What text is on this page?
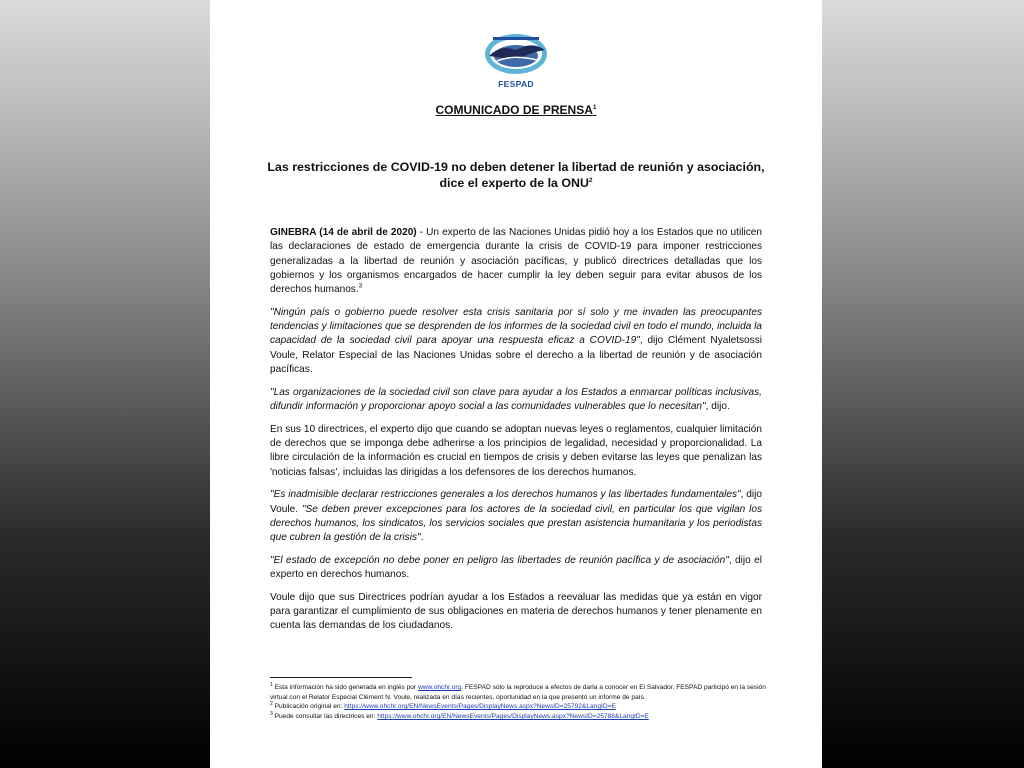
FESPAD
COMUNICADO DE PRENSA$^1$
Las restricciones de COVID-19 no deben detener la libertad de reunión y asociación,
dice el experto de la ONU$^2$

GINEBRA (14 de abril de 2020) - Un experto de las Naciones Unidas pidió hoy a los Estados que no utilicen las declaraciones de estado de emergencia durante la crisis de COVID-19 para imponer restricciones generalizadas a la libertad de reunión y asociación pacíficas, y publicó directrices detalladas que los gobiernos y los organismos encargados de hacer cumplir la ley deben seguir para evitar abusos de los derechos humanos.$^3$

"Ningún país o gobierno puede resolver esta crisis sanitaria por sí solo y me invaden las preocupantes tendencias y limitaciones que se desprenden de los informes de la sociedad civil en todo el mundo, incluida la capacidad de la sociedad civil para apoyar una respuesta eficaz a COVID-19", dijo Clément Nyaletsossi Voule, Relator Especial de las Naciones Unidas sobre el derecho a la libertad de reunión y de asociación pacíficas.

"Las organizaciones de la sociedad civil son clave para ayudar a los Estados a enmarcar políticas inclusivas, difundir información y proporcionar apoyo social a las comunidades vulnerables que lo necesitan", dijo.

En sus 10 directrices, el experto dijo que cuando se adoptan nuevas leyes o reglamentos, cualquier limitación de derechos que se imponga debe adherirse a los principios de legalidad, necesidad y proporcionalidad. La libre circulación de la información es crucial en tiempos de crisis y deben evitarse las leyes que penalizan las 'noticias falsas', incluidas las dirigidas a los defensores de los derechos humanos.

"Es inadmisible declarar restricciones generales a los derechos humanos y las libertades fundamentales", dijo Voule. "Se deben prever excepciones para los actores de la sociedad civil, en particular los que vigilan los derechos humanos, los sindicatos, los servicios sociales que prestan asistencia humanitaria y los periodistas que cubren la gestión de la crisis".

"El estado de excepción no debe poner en peligro las libertades de reunión pacífica y de asociación", dijo el experto en derechos humanos.

Voule dijo que sus Directrices podrían ayudar a los Estados a reevaluar las medidas que ya están en vigor para garantizar el cumplimiento de sus obligaciones en materia de derechos humanos y tener plenamente en cuenta las demandas de los ciudadanos.

$^1$ Esta información ha sido generada en inglés por www.ohchr.org. FESPAD sólo la reproduce a efectos de darla a conocer en El Salvador. FESPAD participó en la sesión virtual con el Relator Especial Clément N. Voule, realizada en días recientes, oportunidad en la que presentó un informe de país.

$^2$ Publicación original en: https://www.ohchr.org/EN/NewsEvents/Pages/DisplayNews.aspx?NewsID=25792&LangID=E

$^3$ Puede consultar las directrices en: https://www.ohchr.org/EN/NewsEvents/Pages/DisplayNews.aspx?NewsID=25788&LangID=E
